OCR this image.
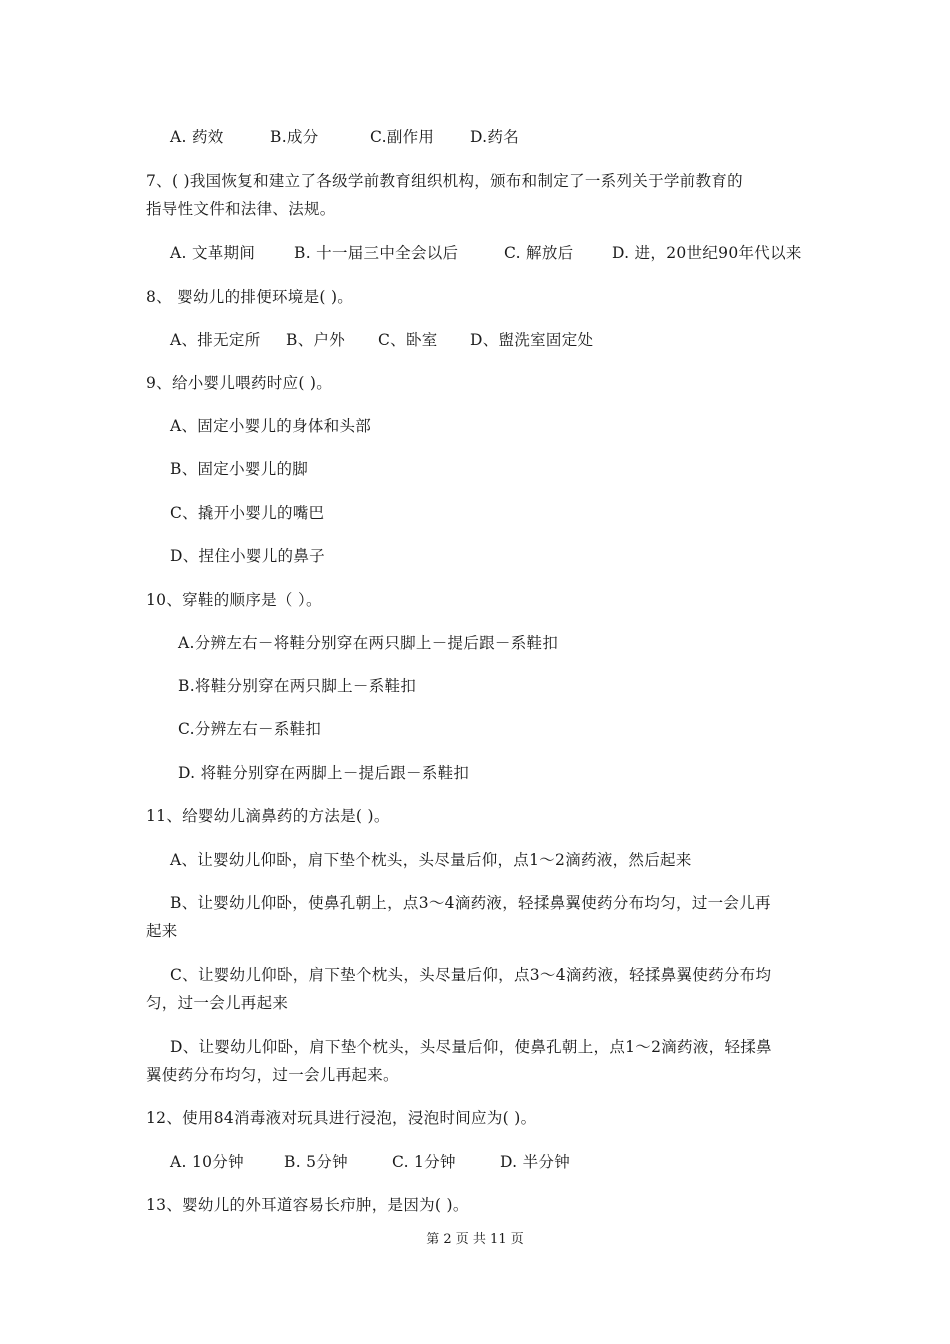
A. 药效	B.成分	C.副作用	D.药名
7、( )我国恢复和建立了各级学前教育组织机构，颁布和制定了一系列关于学前教育的
指导性文件和法律、法规。
A. 文革期间	B. 十一届三中全会以后	C. 解放后	D. 进，20世纪90年代以来
8、 婴幼儿的排便环境是( )。
A、排无定所	B、户外	C、卧室	D、盥洗室固定处
9、给小婴儿喂药时应( )。
A、固定小婴儿的身体和头部
B、固定小婴儿的脚
C、撬开小婴儿的嘴巴
D、捏住小婴儿的鼻子
10、穿鞋的顺序是（ ）。
A.分辨左右－将鞋分别穿在两只脚上－提后跟－系鞋扣
B.将鞋分别穿在两只脚上－系鞋扣
C.分辨左右－系鞋扣
D. 将鞋分别穿在两脚上－提后跟－系鞋扣
11、给婴幼儿滴鼻药的方法是( )。
A、让婴幼儿仰卧，肩下垫个枕头，头尽量后仰，点1～2滴药液，然后起来
B、让婴幼儿仰卧，使鼻孔朝上，点3～4滴药液，轻揉鼻翼使药分布均匀，过一会儿再
起来
C、让婴幼儿仰卧，肩下垫个枕头，头尽量后仰，点3～4滴药液，轻揉鼻翼使药分布均
匀，过一会儿再起来
D、让婴幼儿仰卧，肩下垫个枕头，头尽量后仰，使鼻孔朝上，点1～2滴药液，轻揉鼻
翼使药分布均匀，过一会儿再起来。
12、使用84消毒液对玩具进行浸泡，浸泡时间应为( )。
A. 10分钟	B. 5分钟	C. 1分钟	D. 半分钟
13、婴幼儿的外耳道容易长疖肿，是因为( )。
第 2 页 共 11 页
